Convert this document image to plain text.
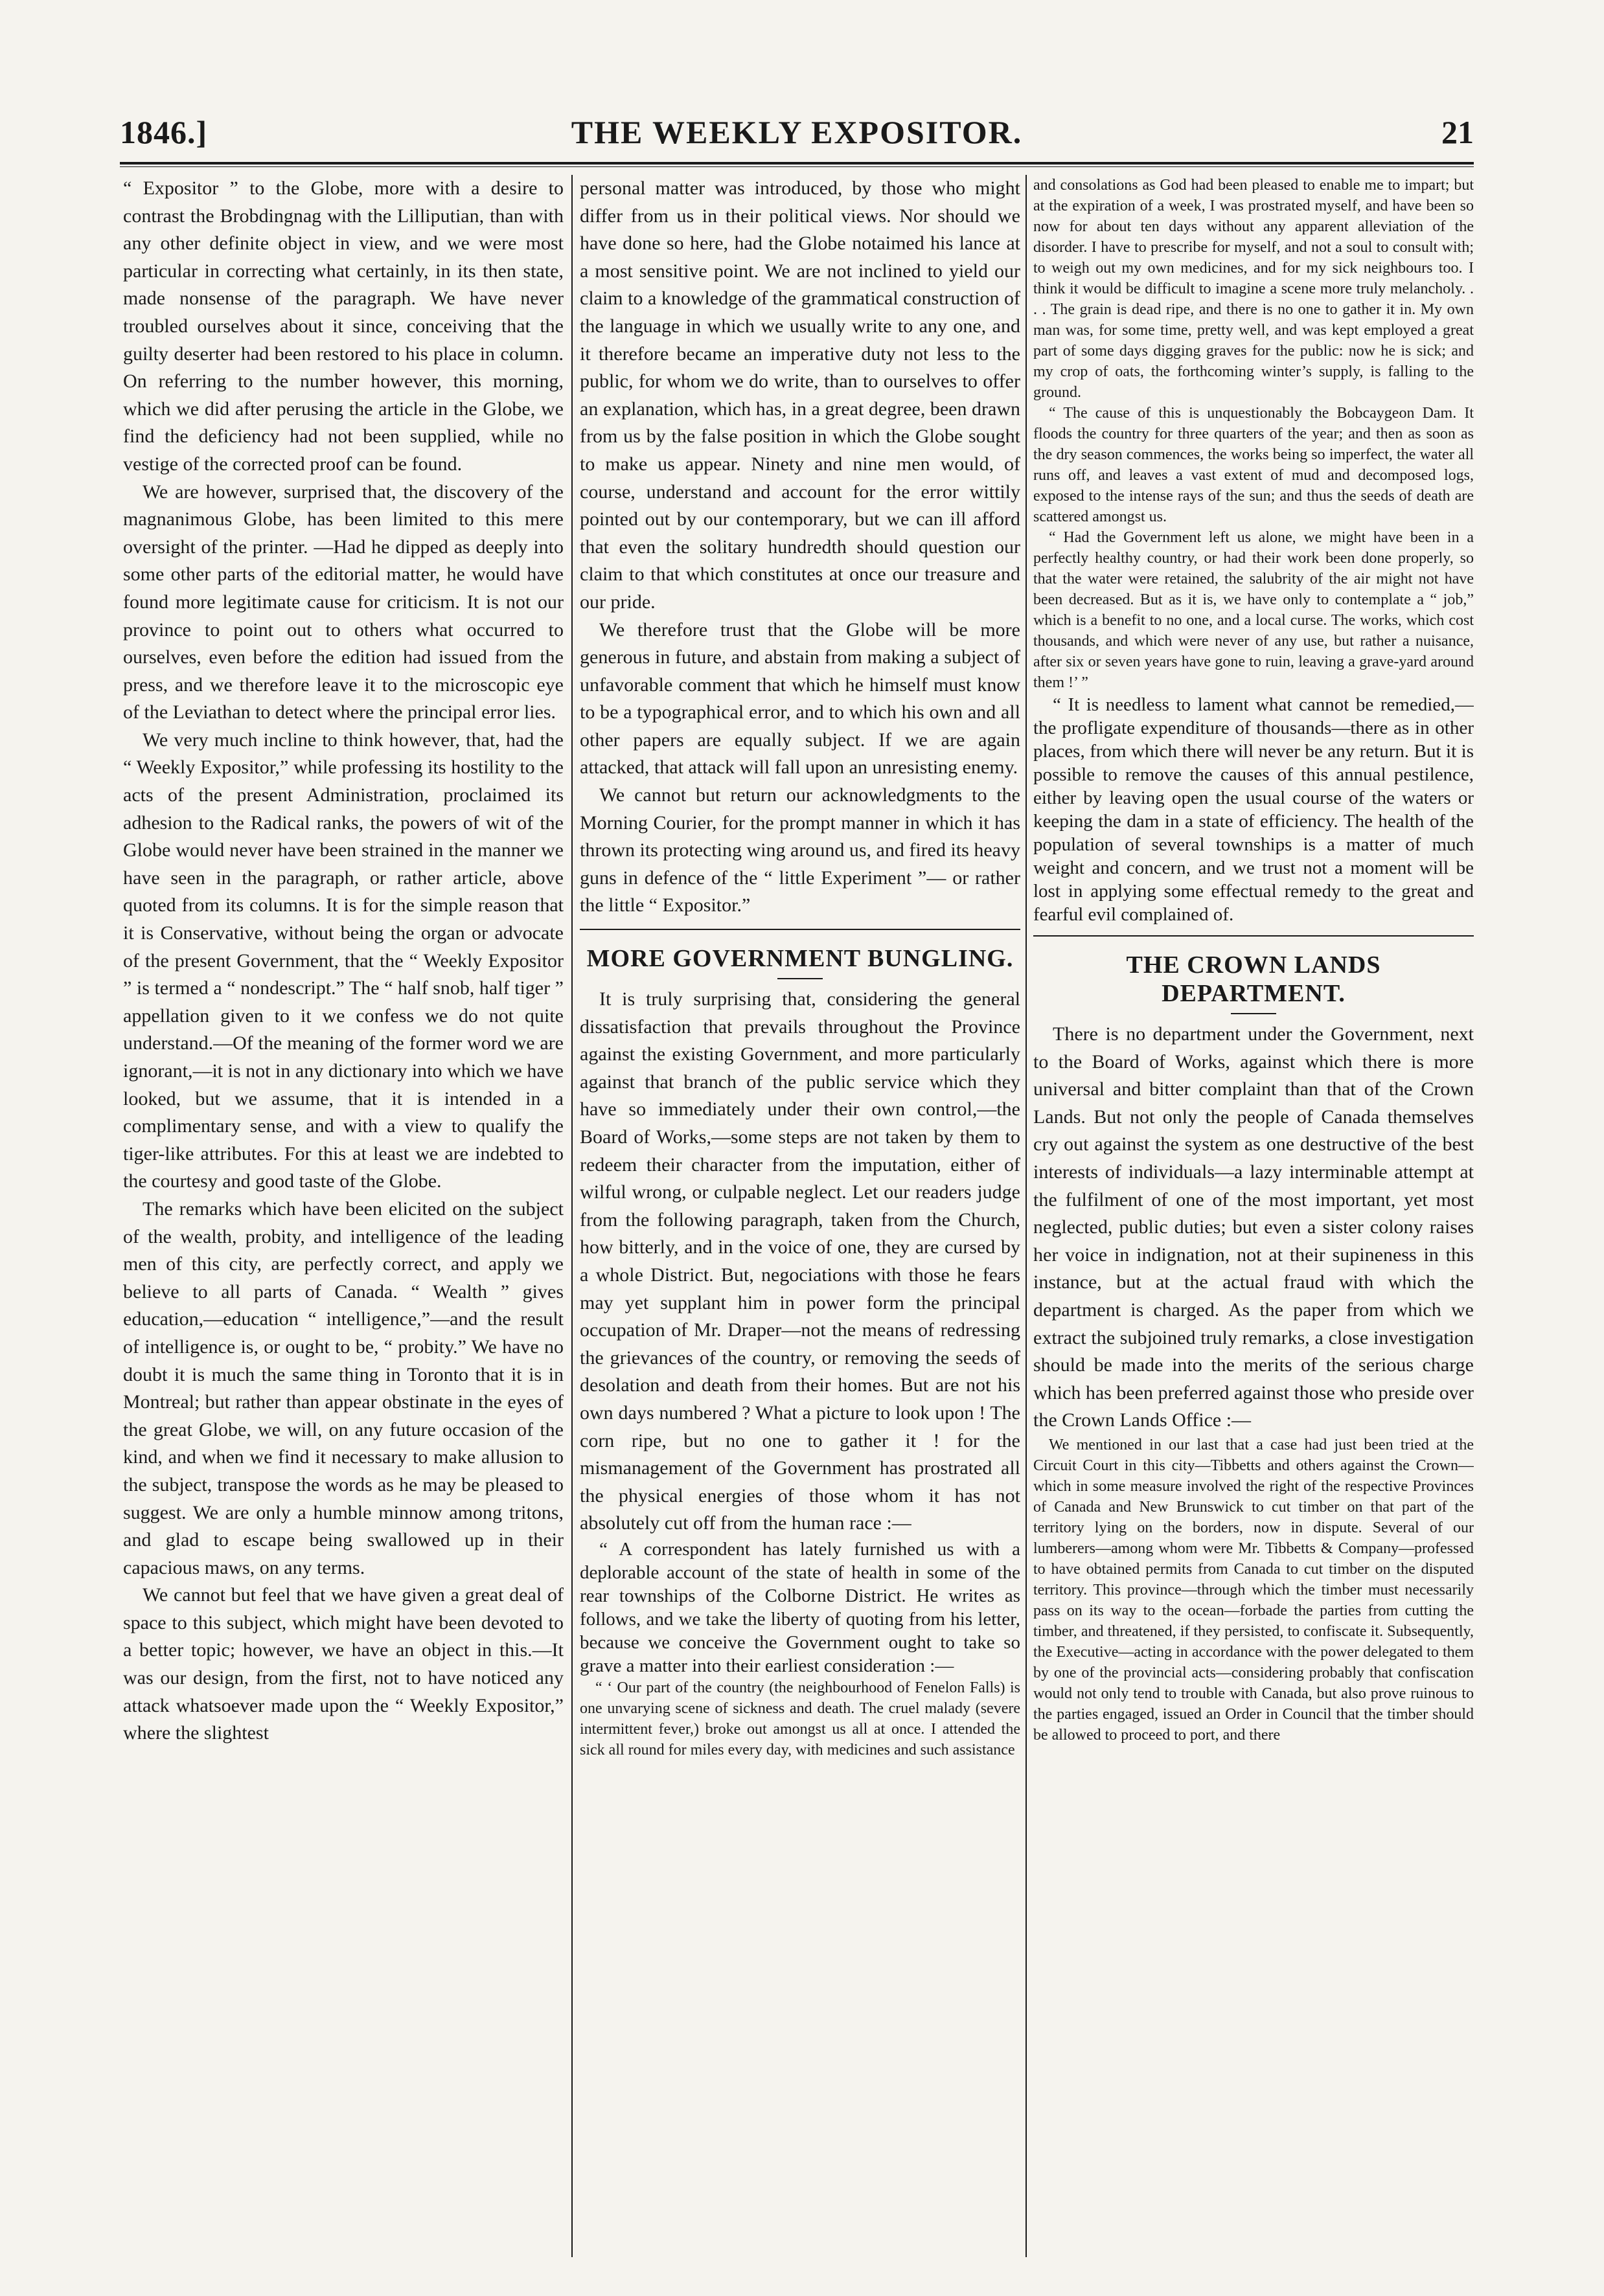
1846.]	THE WEEKLY EXPOSITOR.	21

“ Expositor ” to the Globe, more with a desire to contrast the Brobdingnag with the Lilliputian, than with any other definite object in view, and we were most particular in correcting what certainly, in its then state, made nonsense of the paragraph. We have never troubled ourselves about it since, conceiving that the guilty deserter had been restored to his place in column. On referring to the number however, this morning, which we did after perusing the article in the Globe, we find the deficiency had not been supplied, while no vestige of the corrected proof can be found.

We are however, surprised that, the discovery of the magnanimous Globe, has been limited to this mere oversight of the printer. —Had he dipped as deeply into some other parts of the editorial matter, he would have found more legitimate cause for criticism. It is not our province to point out to others what occurred to ourselves, even before the edition had issued from the press, and we therefore leave it to the microscopic eye of the Leviathan to detect where the principal error lies.

We very much incline to think however, that, had the “ Weekly Expositor,” while professing its hostility to the acts of the present Administration, proclaimed its adhesion to the Radical ranks, the powers of wit of the Globe would never have been strained in the manner we have seen in the paragraph, or rather article, above quoted from its columns. It is for the simple reason that it is Conservative, without being the organ or advocate of the present Government, that the “ Weekly Expositor ” is termed a “ nondescript.” The “ half snob, half tiger ” appellation given to it we confess we do not quite understand.—Of the meaning of the former word we are ignorant,—it is not in any dictionary into which we have looked, but we assume, that it is intended in a complimentary sense, and with a view to qualify the tiger-like attributes. For this at least we are indebted to the courtesy and good taste of the Globe.

The remarks which have been elicited on the subject of the wealth, probity, and intelligence of the leading men of this city, are perfectly correct, and apply we believe to all parts of Canada. “ Wealth ” gives education,—education “ intelligence,”—and the result of intelligence is, or ought to be, “ probity.” We have no doubt it is much the same thing in Toronto that it is in Montreal; but rather than appear obstinate in the eyes of the great Globe, we will, on any future occasion of the kind, and when we find it necessary to make allusion to the subject, transpose the words as he may be pleased to suggest. We are only a humble minnow among tritons, and glad to escape being swallowed up in their capacious maws, on any terms.

We cannot but feel that we have given a great deal of space to this subject, which might have been devoted to a better topic; however, we have an object in this.—It was our design, from the first, not to have noticed any attack whatsoever made upon the “ Weekly Expositor,” where the slightest

personal matter was introduced, by those who might differ from us in their political views. Nor should we have done so here, had the Globe notaimed his lance at a most sensitive point. We are not inclined to yield our claim to a knowledge of the grammatical construction of the language in which we usually write to any one, and it therefore became an imperative duty not less to the public, for whom we do write, than to ourselves to offer an explanation, which has, in a great degree, been drawn from us by the false position in which the Globe sought to make us appear. Ninety and nine men would, of course, understand and account for the error wittily pointed out by our contemporary, but we can ill afford that even the solitary hundredth should question our claim to that which constitutes at once our treasure and our pride.

We therefore trust that the Globe will be more generous in future, and abstain from making a subject of unfavorable comment that which he himself must know to be a typographical error, and to which his own and all other papers are equally subject. If we are again attacked, that attack will fall upon an unresisting enemy.

We cannot but return our acknowledgments to the Morning Courier, for the prompt manner in which it has thrown its protecting wing around us, and fired its heavy guns in defence of the “ little Experiment ”— or rather the little “ Expositor.”

MORE GOVERNMENT BUNGLING.

It is truly surprising that, considering the general dissatisfaction that prevails throughout the Province against the existing Government, and more particularly against that branch of the public service which they have so immediately under their own control,—the Board of Works,—some steps are not taken by them to redeem their character from the imputation, either of wilful wrong, or culpable neglect. Let our readers judge from the following paragraph, taken from the Church, how bitterly, and in the voice of one, they are cursed by a whole District. But, negociations with those he fears may yet supplant him in power form the principal occupation of Mr. Draper—not the means of redressing the grievances of the country, or removing the seeds of desolation and death from their homes. But are not his own days numbered ? What a picture to look upon ! The corn ripe, but no one to gather it ! for the mismanagement of the Government has prostrated all the physical energies of those whom it has not absolutely cut off from the human race :—

“ A correspondent has lately furnished us with a deplorable account of the state of health in some of the rear townships of the Colborne District. He writes as follows, and we take the liberty of quoting from his letter, because we conceive the Government ought to take so grave a matter into their earliest consideration :—

“ ‘ Our part of the country (the neighbourhood of Fenelon Falls) is one unvarying scene of sickness and death. The cruel malady (severe intermittent fever,) broke out amongst us all at once. I attended the sick all round for miles every day, with medicines and such assistance

and consolations as God had been pleased to enable me to impart; but at the expiration of a week, I was prostrated myself, and have been so now for about ten days without any apparent alleviation of the disorder. I have to prescribe for myself, and not a soul to consult with; to weigh out my own medicines, and for my sick neighbours too. I think it would be difficult to imagine a scene more truly melancholy. . . . The grain is dead ripe, and there is no one to gather it in. My own man was, for some time, pretty well, and was kept employed a great part of some days digging graves for the public: now he is sick; and my crop of oats, the forthcoming winter’s supply, is falling to the ground.

“ The cause of this is unquestionably the Bobcaygeon Dam. It floods the country for three quarters of the year; and then as soon as the dry season commences, the works being so imperfect, the water all runs off, and leaves a vast extent of mud and decomposed logs, exposed to the intense rays of the sun; and thus the seeds of death are scattered amongst us.

“ Had the Government left us alone, we might have been in a perfectly healthy country, or had their work been done properly, so that the water were retained, the salubrity of the air might not have been decreased. But as it is, we have only to contemplate a “ job,” which is a benefit to no one, and a local curse. The works, which cost thousands, and which were never of any use, but rather a nuisance, after six or seven years have gone to ruin, leaving a grave-yard around them !’ ”

“ It is needless to lament what cannot be remedied,—the profligate expenditure of thousands—there as in other places, from which there will never be any return. But it is possible to remove the causes of this annual pestilence, either by leaving open the usual course of the waters or keeping the dam in a state of efficiency. The health of the population of several townships is a matter of much weight and concern, and we trust not a moment will be lost in applying some effectual remedy to the great and fearful evil complained of.

THE CROWN LANDS DEPARTMENT.

There is no department under the Government, next to the Board of Works, against which there is more universal and bitter complaint than that of the Crown Lands. But not only the people of Canada themselves cry out against the system as one destructive of the best interests of individuals—a lazy interminable attempt at the fulfilment of one of the most important, yet most neglected, public duties; but even a sister colony raises her voice in indignation, not at their supineness in this instance, but at the actual fraud with which the department is charged. As the paper from which we extract the subjoined truly remarks, a close investigation should be made into the merits of the serious charge which has been preferred against those who preside over the Crown Lands Office :—

We mentioned in our last that a case had just been tried at the Circuit Court in this city—Tibbetts and others against the Crown—which in some measure involved the right of the respective Provinces of Canada and New Brunswick to cut timber on that part of the territory lying on the borders, now in dispute. Several of our lumberers—among whom were Mr. Tibbetts & Company—professed to have obtained permits from Canada to cut timber on the disputed territory. This province—through which the timber must necessarily pass on its way to the ocean—forbade the parties from cutting the timber, and threatened, if they persisted, to confiscate it. Subsequently, the Executive—acting in accordance with the power delegated to them by one of the provincial acts—considering probably that confiscation would not only tend to trouble with Canada, but also prove ruinous to the parties engaged, issued an Order in Council that the timber should be allowed to proceed to port, and there
